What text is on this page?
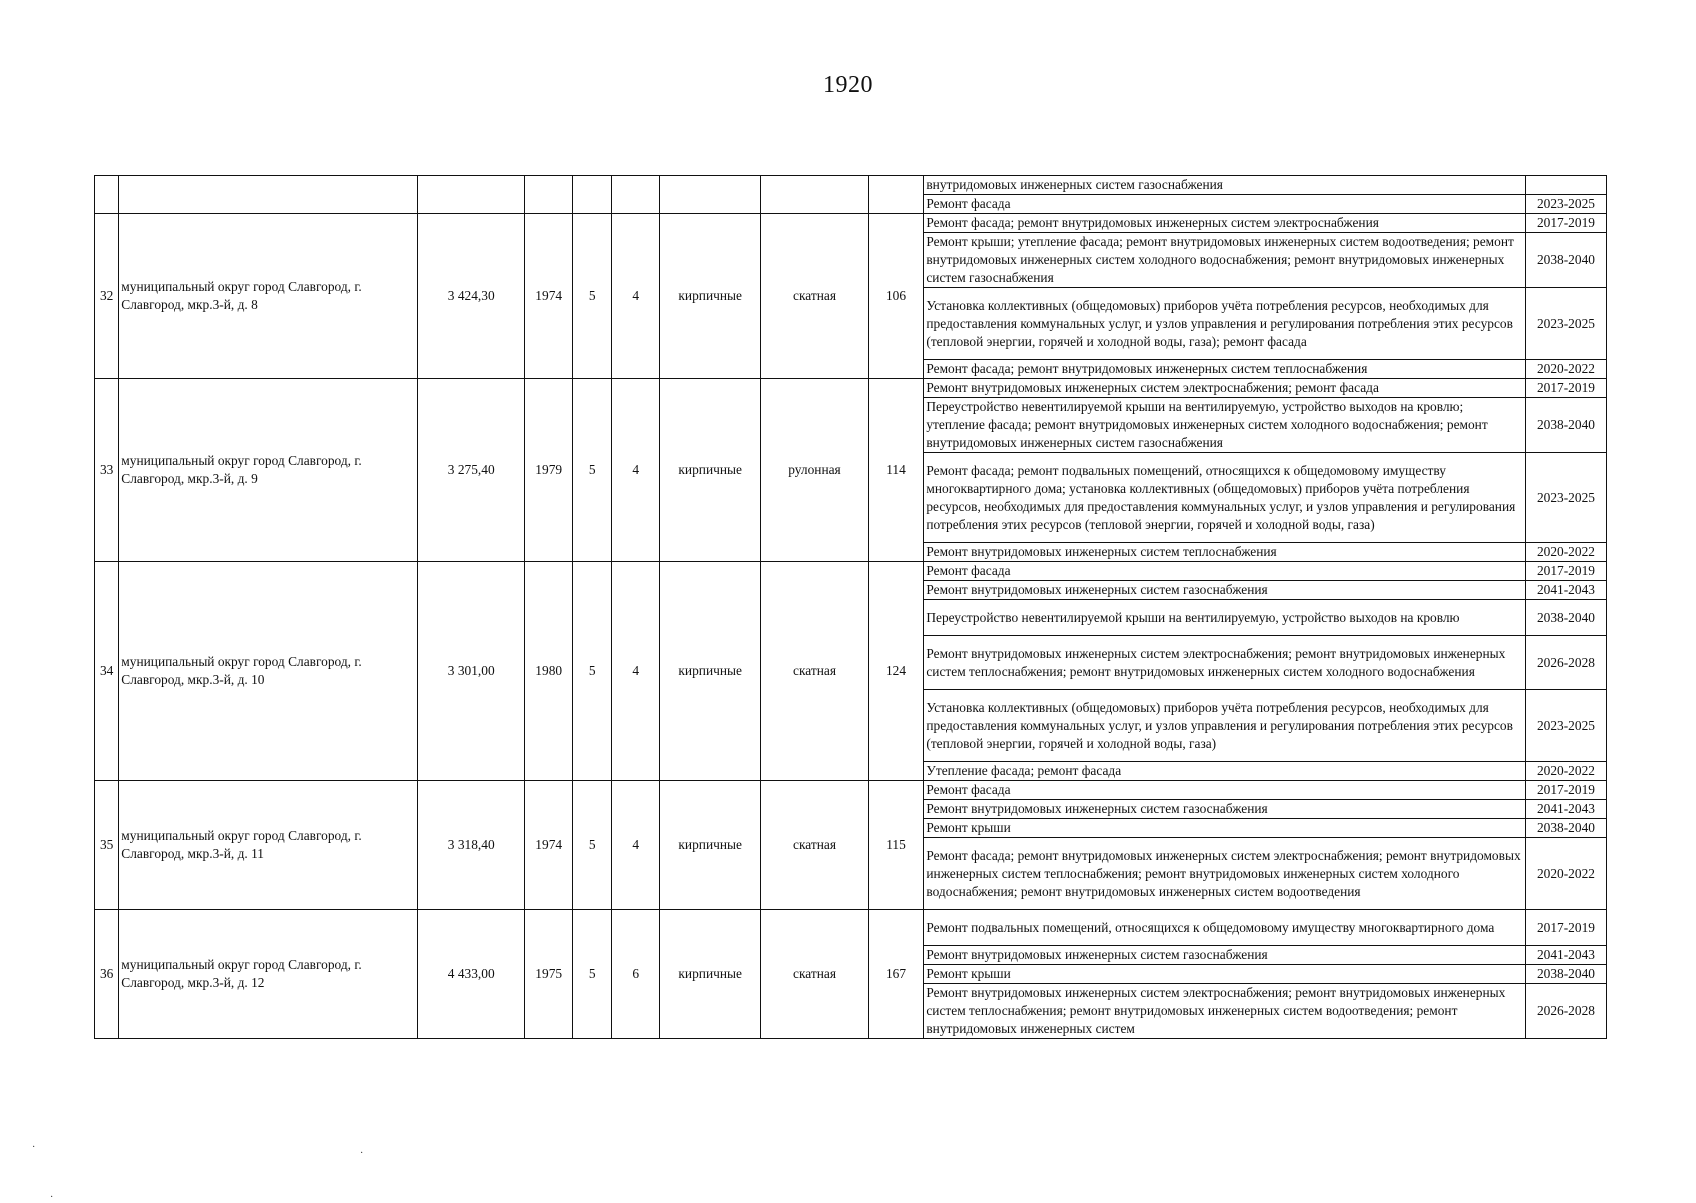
1920
									внутридомовых инженерных систем газоснабжения	
									Ремонт фасада	2023-2025
32	муниципальный округ город Славгород, г. Славгород, мкр.3-й, д. 8	3 424,30	1974	5	4	кирпичные	скатная	106	Ремонт фасада; ремонт внутридомовых инженерных систем электроснабжения	2017-2019
									Ремонт крыши; утепление фасада; ремонт внутридомовых инженерных систем водоотведения; ремонт внутридомовых инженерных систем холодного водоснабжения; ремонт внутридомовых инженерных систем газоснабжения	2038-2040
									Установка коллективных (общедомовых) приборов учёта потребления ресурсов, необходимых для предоставления коммунальных услуг, и узлов управления и регулирования потребления этих ресурсов (тепловой энергии, горячей и холодной воды, газа); ремонт фасада	2023-2025
									Ремонт фасада; ремонт внутридомовых инженерных систем теплоснабжения	2020-2022
33	муниципальный округ город Славгород, г. Славгород, мкр.3-й, д. 9	3 275,40	1979	5	4	кирпичные	рулонная	114	Ремонт внутридомовых инженерных систем электроснабжения; ремонт фасада	2017-2019
									Переустройство невентилируемой крыши на вентилируемую, устройство выходов на кровлю; утепление фасада; ремонт внутридомовых инженерных систем холодного водоснабжения; ремонт внутридомовых инженерных систем газоснабжения	2038-2040
									Ремонт фасада; ремонт подвальных помещений, относящихся к общедомовому имуществу многоквартирного дома; установка коллективных (общедомовых) приборов учёта потребления ресурсов, необходимых для предоставления коммунальных услуг, и узлов управления и регулирования потребления этих ресурсов (тепловой энергии, горячей и холодной воды, газа)	2023-2025
									Ремонт внутридомовых инженерных систем теплоснабжения	2020-2022
34	муниципальный округ город Славгород, г. Славгород, мкр.3-й, д. 10	3 301,00	1980	5	4	кирпичные	скатная	124	Ремонт фасада	2017-2019
									Ремонт внутридомовых инженерных систем газоснабжения	2041-2043
									Переустройство невентилируемой крыши на вентилируемую, устройство выходов на кровлю	2038-2040
									Ремонт внутридомовых инженерных систем электроснабжения; ремонт внутридомовых инженерных систем теплоснабжения; ремонт внутридомовых инженерных систем холодного водоснабжения	2026-2028
									Установка коллективных (общедомовых) приборов учёта потребления ресурсов, необходимых для предоставления коммунальных услуг, и узлов управления и регулирования потребления этих ресурсов (тепловой энергии, горячей и холодной воды, газа)	2023-2025
									Утепление фасада; ремонт фасада	2020-2022
35	муниципальный округ город Славгород, г. Славгород, мкр.3-й, д. 11	3 318,40	1974	5	4	кирпичные	скатная	115	Ремонт фасада	2017-2019
									Ремонт внутридомовых инженерных систем газоснабжения	2041-2043
									Ремонт крыши	2038-2040
									Ремонт фасада; ремонт внутридомовых инженерных систем электроснабжения; ремонт внутридомовых инженерных систем теплоснабжения; ремонт внутридомовых инженерных систем холодного водоснабжения; ремонт внутридомовых инженерных систем водоотведения	2020-2022
36	муниципальный округ город Славгород, г. Славгород, мкр.3-й, д. 12	4 433,00	1975	5	6	кирпичные	скатная	167	Ремонт подвальных помещений, относящихся к общедомовому имуществу многоквартирного дома	2017-2019
									Ремонт внутридомовых инженерных систем газоснабжения	2041-2043
									Ремонт крыши	2038-2040
									Ремонт внутридомовых инженерных систем электроснабжения; ремонт внутридомовых инженерных систем теплоснабжения; ремонт внутридомовых инженерных систем водоотведения; ремонт внутридомовых инженерных систем	2026-2028
·
·
·
